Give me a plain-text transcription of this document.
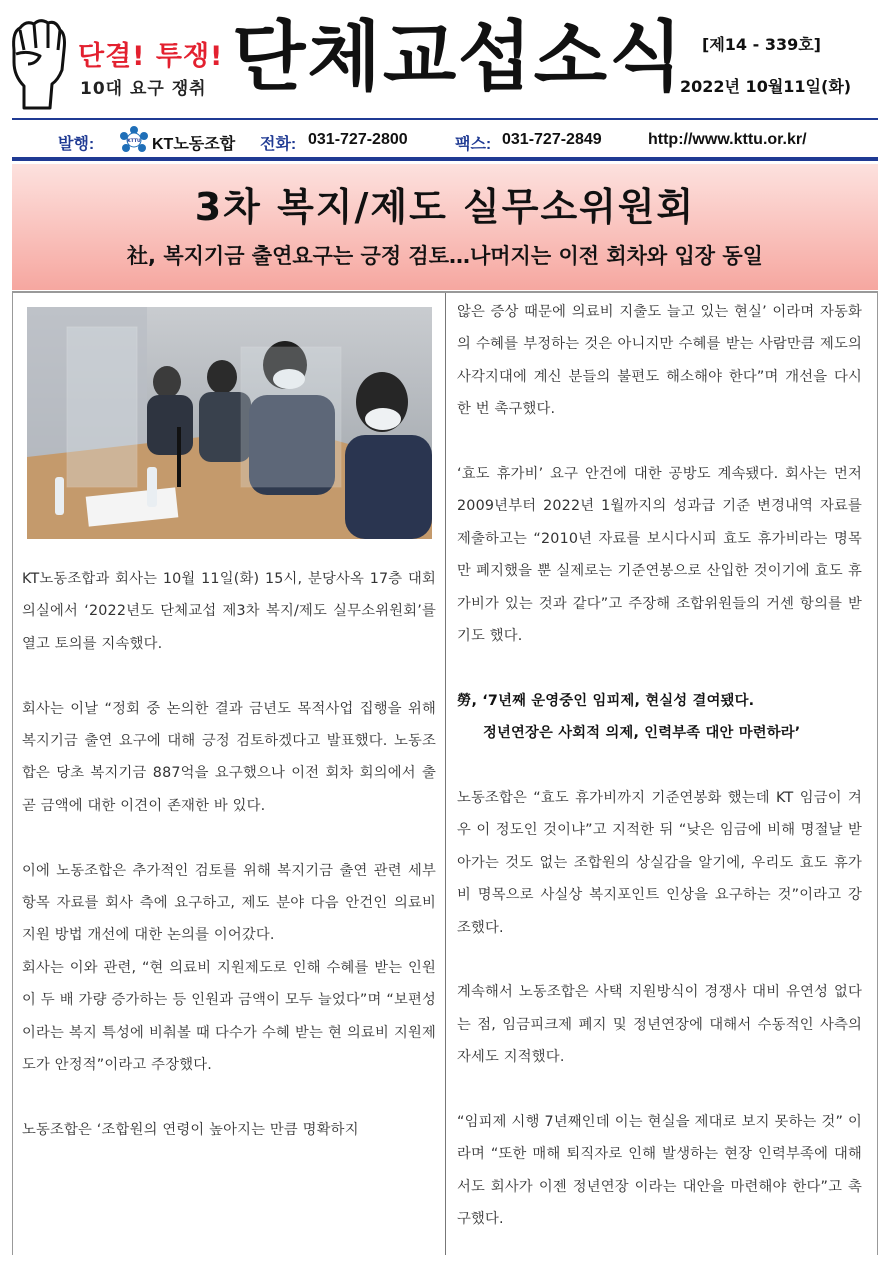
단결! 투쟁!
10대 요구 쟁취 단체교섭소식 [제14 - 339호]
2022년 10월11일(화)
발행:	KTTU KT노동조합 전화: 031-727-2800	팩스: 031-727-2849	http://www.kttu.or.kr/
3차 복지/제도 실무소위원회
社, 복지기금 출연요구는 긍정 검토…나머지는 이전 회차와 입장 동일

KT노동조합과 회사는 10월 11일(화) 15시, 분당사옥 17층 대회의실에서 ‘2022년도 단체교섭 제3차 복지/제도 실무소위원회’를 열고 토의를 지속했다.

회사는 이날 “정회 중 논의한 결과 금년도 목적사업 집행을 위해 복지기금 출연 요구에 대해 긍정 검토하겠다고 발표했다. 노동조합은 당초 복지기금 887억을 요구했으나 이전 회차 회의에서 출곧 금액에 대한 이견이 존재한 바 있다.

이에 노동조합은 추가적인 검토를 위해 복지기금 출연 관련 세부항목 자료를 회사 측에 요구하고, 제도 분야 다음 안건인 의료비 지원 방법 개선에 대한 논의를 이어갔다.

회사는 이와 관련, “현 의료비 지원제도로 인해 수혜를 받는 인원이 두 배 가량 증가하는 등 인원과 금액이 모두 늘었다”며 “보편성이라는 복지 특성에 비춰볼 때 다수가 수혜 받는 현 의료비 지원제도가 안정적”이라고 주장했다.

노동조합은 ‘조합원의 연령이 높아지는 만큼 명확하지

않은 증상 때문에 의료비 지출도 늘고 있는 현실’ 이라며 자동화의 수혜를 부정하는 것은 아니지만 수혜를 받는 사람만큼 제도의 사각지대에 계신 분들의 불편도 해소해야 한다”며 개선을 다시 한 번 촉구했다.

‘효도 휴가비’ 요구 안건에 대한 공방도 계속됐다. 회사는 먼저 2009년부터 2022년 1월까지의 성과급 기준 변경내역 자료를 제출하고는 “2010년 자료를 보시다시피 효도 휴가비라는 명목만 폐지했을 뿐 실제로는 기준연봉으로 산입한 것이기에 효도 휴가비가 있는 것과 같다”고 주장해 조합위원들의 거센 항의를 받기도 했다.

勞, ‘7년째 운영중인 임피제, 현실성 결여됐다.

정년연장은 사회적 의제, 인력부족 대안 마련하라’

노동조합은 “효도 휴가비까지 기준연봉화 했는데 KT 임금이 겨우 이 정도인 것이냐”고 지적한 뒤 “낮은 임금에 비해 명절날 받아가는 것도 없는 조합원의 상실감을 알기에, 우리도 효도 휴가비 명목으로 사실상 복지포인트 인상을 요구하는 것”이라고 강조했다.

계속해서 노동조합은 사택 지원방식이 경쟁사 대비 유연성 없다는 점, 임금피크제 폐지 및 정년연장에 대해서 수동적인 사측의 자세도 지적했다.

“임피제 시행 7년째인데 이는 현실을 제대로 보지 못하는 것” 이라며 “또한 매해 퇴직자로 인해 발생하는 현장 인력부족에 대해서도 회사가 이젠 정년연장 이라는 대안을 마련해야 한다”고 촉구했다.
